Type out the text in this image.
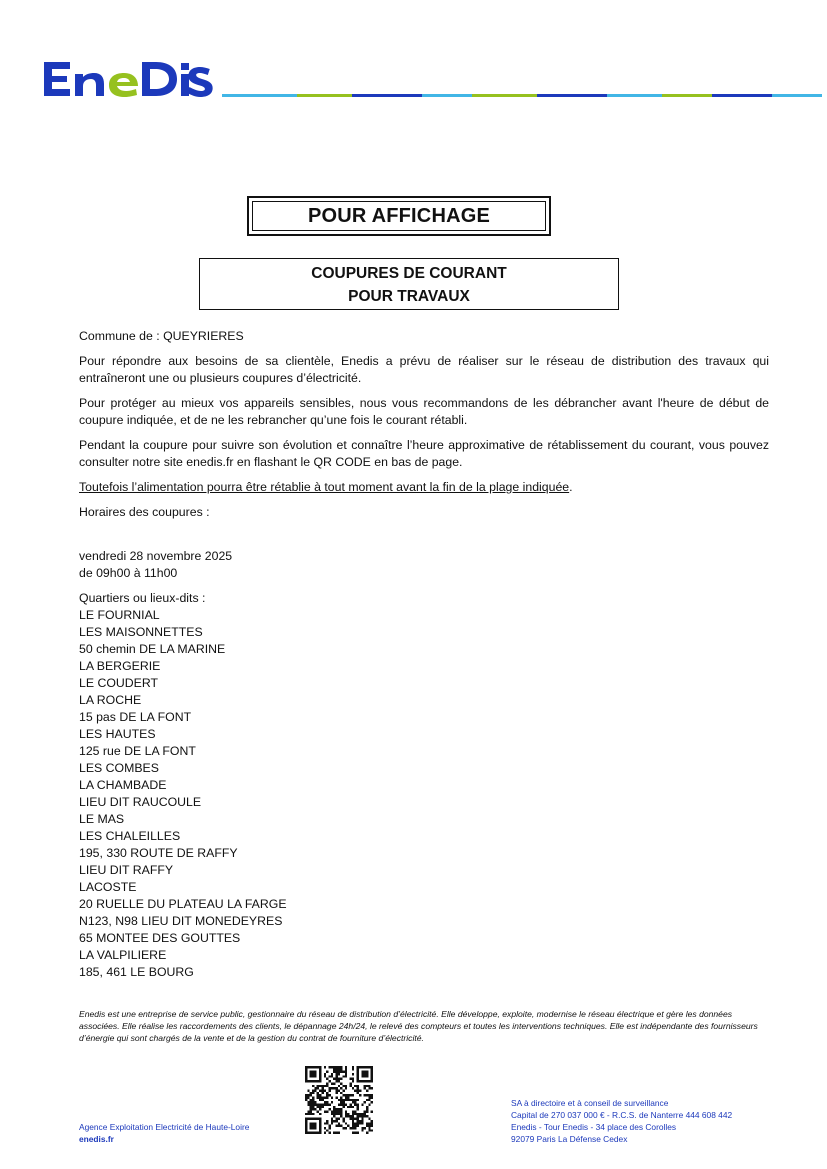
POUR AFFICHAGE
COUPURES DE COURANT
POUR TRAVAUX

Commune de : QUEYRIERES

Pour répondre aux besoins de sa clientèle, Enedis a prévu de réaliser sur le réseau de distribution des travaux qui entraîneront une ou plusieurs coupures d’électricité.

Pour protéger au mieux vos appareils sensibles, nous vous recommandons de les débrancher avant l'heure de début de coupure indiquée, et de ne les rebrancher qu’une fois le courant rétabli.

Pendant la coupure pour suivre son évolution et connaître l’heure approximative de rétablissement du courant, vous pouvez consulter notre site enedis.fr en flashant le QR CODE en bas de page.

Toutefois l’alimentation pourra être rétablie à tout moment avant la fin de la plage indiquée.

Horaires des coupures :

vendredi 28 novembre 2025

de 09h00 à 11h00

Quartiers ou lieux-dits :

LE FOURNIAL
LES MAISONNETTES
50 chemin DE LA MARINE
LA BERGERIE
LE COUDERT
LA ROCHE
15 pas DE LA FONT
LES HAUTES
125 rue DE LA FONT
LES COMBES
LA CHAMBADE
LIEU DIT RAUCOULE
LE MAS
LES CHALEILLES
195, 330 ROUTE DE RAFFY
LIEU DIT RAFFY
LACOSTE
20 RUELLE DU PLATEAU LA FARGE
N123, N98 LIEU DIT MONEDEYRES
65 MONTEE DES GOUTTES
LA VALPILIERE
185, 461 LE BOURG
Enedis est une entreprise de service public, gestionnaire du réseau de distribution d’électricité. Elle développe, exploite, modernise le réseau électrique et gère les données associées. Elle réalise les raccordements des clients, le dépannage 24h/24, le relevé des compteurs et toutes les interventions techniques. Elle est indépendante des fournisseurs d’énergie qui sont chargés de la vente et de la gestion du contrat de fourniture d’électricité.
Agence Exploitation Electricité de Haute-Loire
enedis.fr
SA à directoire et à conseil de surveillance
Capital de 270 037 000 € - R.C.S. de Nanterre 444 608 442
Enedis - Tour Enedis - 34 place des Corolles
92079 Paris La Défense Cedex
